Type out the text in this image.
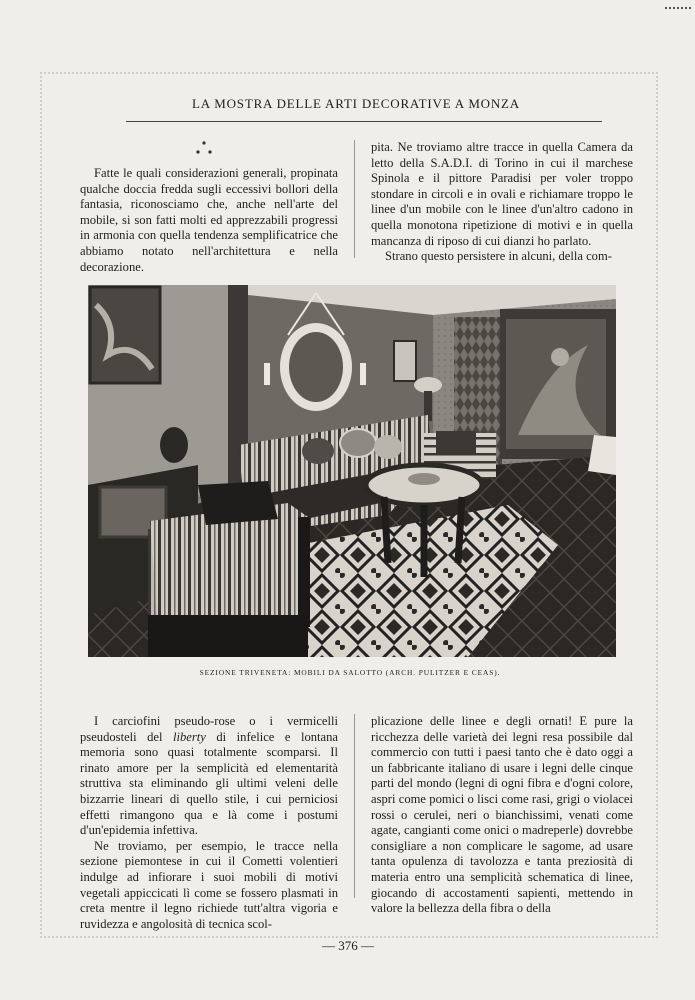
LA MOSTRA DELLE ARTI DECORATIVE A MONZA

Fatte le quali considerazioni generali, propinata qualche doccia fredda sugli eccessivi bollori della fantasia, riconosciamo che, anche nell'arte del mobile, si son fatti molti ed apprezzabili progressi in armonia con quella tendenza semplificatrice che abbiamo notato nell'architettura e nella decorazione.

pita. Ne troviamo altre tracce in quella Camera da letto della S.A.D.I. di Torino in cui il marchese Spinola e il pittore Paradisi per voler troppo stondare in circoli e in ovali e richiamare troppo le linee d'un mobile con le linee d'un'altro cadono in quella monotona ripetizione di motivi e in quella mancanza di riposo di cui dianzi ho parlato.

Strano questo persistere in alcuni, della com-

SEZIONE TRIVENETA: MOBILI DA SALOTTO (ARCH. PULITZER E CEAS).

I carciofini pseudo-rose o i vermicelli pseudosteli del liberty di infelice e lontana memoria sono quasi totalmente scomparsi. Il rinato amore per la semplicità ed elementarità struttiva sta eliminando gli ultimi veleni delle bizzarrie lineari di quello stile, i cui perniciosi effetti rimangono qua e là come i postumi d'un'epidemia infettiva.

Ne troviamo, per esempio, le tracce nella sezione piemontese in cui il Cometti volentieri indulge ad infiorare i suoi mobili di motivi vegetali appiccicati lì come se fossero plasmati in creta mentre il legno richiede tutt'altra vigoria e ruvidezza e angolosità di tecnica scol-

plicazione delle linee e degli ornati! E pure la ricchezza delle varietà dei legni resa possibile dal commercio con tutti i paesi tanto che è dato oggi a un fabbricante italiano di usare i legni delle cinque parti del mondo (legni di ogni fibra e d'ogni colore, aspri come pomici o lisci come rasi, grigi o violacei rossi o cerulei, neri o bianchissimi, venati come agate, cangianti come onici o madreperle) dovrebbe consigliare a non complicare le sagome, ad usare tanta opulenza di tavolozza e tanta preziosità di materia entro una semplicità schematica di linee, giocando di accostamenti sapienti, mettendo in valore la bellezza della fibra o della

— 376 —
